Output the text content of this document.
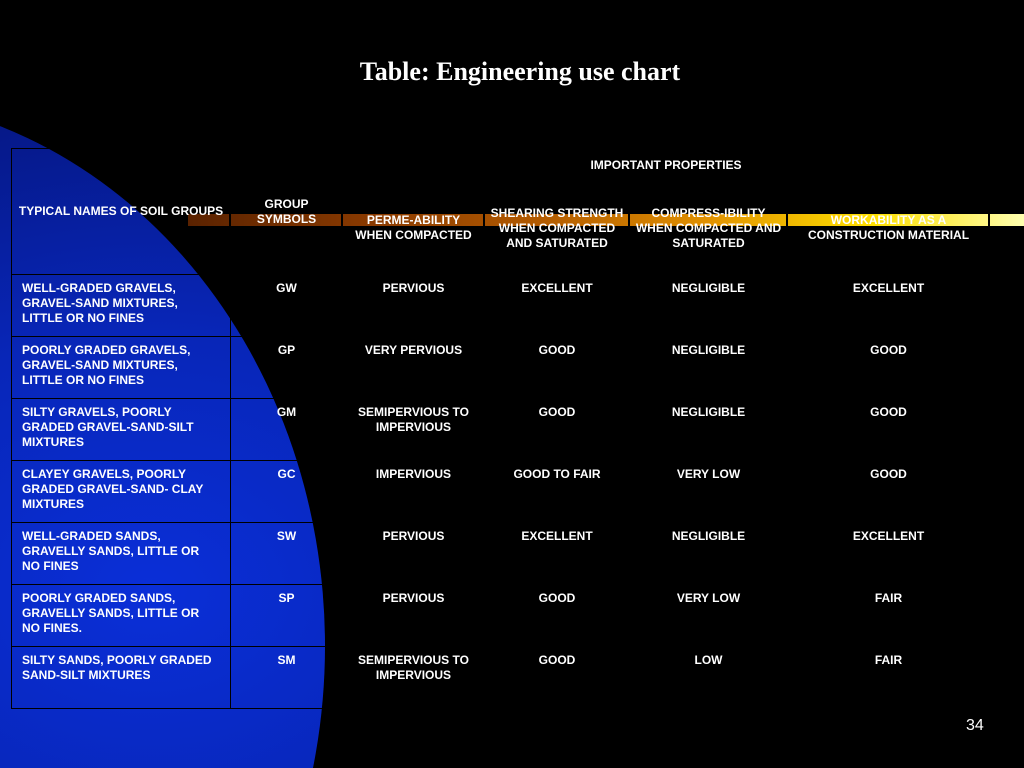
Table: Engineering use chart
TYPICAL NAMES OF SOIL GROUPS	GROUP SYMBOLS	IMPORTANT PROPERTIES			
		PERME-ABILITY WHEN COMPACTED	SHEARING STRENGTH WHEN COMPACTED AND SATURATED	COMPRESS-IBILITY WHEN COMPACTED AND SATURATED	WORKABILITY AS A CONSTRUCTION MATERIAL
WELL-GRADED GRAVELS, GRAVEL-SAND MIXTURES, LITTLE OR NO FINES	GW	PERVIOUS	EXCELLENT	NEGLIGIBLE	EXCELLENT
POORLY GRADED GRAVELS, GRAVEL-SAND MIXTURES, LITTLE OR NO FINES	GP	VERY PERVIOUS	GOOD	NEGLIGIBLE	GOOD
SILTY GRAVELS, POORLY GRADED GRAVEL-SAND-SILT MIXTURES	GM	SEMIPERVIOUS TO IMPERVIOUS	GOOD	NEGLIGIBLE	GOOD
CLAYEY GRAVELS, POORLY GRADED GRAVEL-SAND- CLAY MIXTURES	GC	IMPERVIOUS	GOOD TO FAIR	VERY LOW	GOOD
WELL-GRADED SANDS, GRAVELLY SANDS, LITTLE OR NO FINES	SW	PERVIOUS	EXCELLENT	NEGLIGIBLE	EXCELLENT
POORLY GRADED SANDS, GRAVELLY SANDS, LITTLE OR NO FINES.	SP	PERVIOUS	GOOD	VERY LOW	FAIR
SILTY SANDS, POORLY GRADED SAND-SILT MIXTURES	SM	SEMIPERVIOUS TO IMPERVIOUS	GOOD	LOW	FAIR
34
